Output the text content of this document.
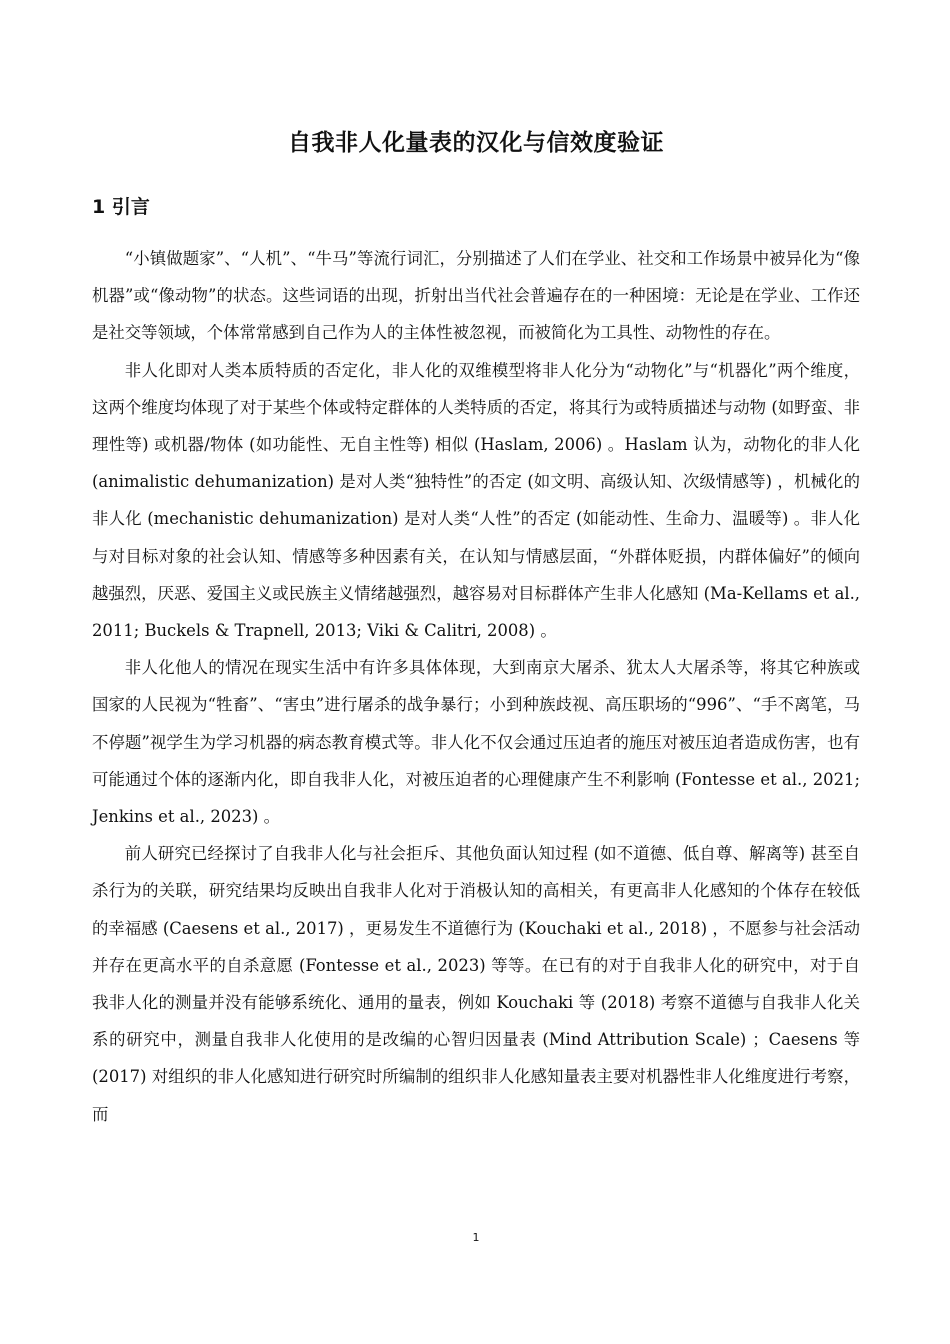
自我非人化量表的汉化与信效度验证
1 引言

“小镇做题家”、“人机”、“牛马”等流行词汇，分别描述了人们在学业、社交和工作场景中被异化为“像机器”或“像动物”的状态。这些词语的出现，折射出当代社会普遍存在的一种困境：无论是在学业、工作还是社交等领域，个体常常感到自己作为人的主体性被忽视，而被简化为工具性、动物性的存在。

非人化即对人类本质特质的否定化，非人化的双维模型将非人化分为“动物化”与“机器化”两个维度，这两个维度均体现了对于某些个体或特定群体的人类特质的否定，将其行为或特质描述与动物 (如野蛮、非理性等) 或机器/物体 (如功能性、无自主性等) 相似 (Haslam, 2006) 。Haslam 认为，动物化的非人化 (animalistic dehumanization) 是对人类“独特性”的否定 (如文明、高级认知、次级情感等) ，机械化的非人化 (mechanistic dehumanization) 是对人类“人性”的否定 (如能动性、生命力、温暖等) 。非人化与对目标对象的社会认知、情感等多种因素有关，在认知与情感层面，“外群体贬损，内群体偏好”的倾向越强烈，厌恶、爱国主义或民族主义情绪越强烈，越容易对目标群体产生非人化感知 (Ma-Kellams et al., 2011; Buckels & Trapnell, 2013; Viki & Calitri, 2008) 。

非人化他人的情况在现实生活中有许多具体体现，大到南京大屠杀、犹太人大屠杀等，将其它种族或国家的人民视为“牲畜”、“害虫”进行屠杀的战争暴行；小到种族歧视、高压职场的“996”、“手不离笔，马不停题”视学生为学习机器的病态教育模式等。非人化不仅会通过压迫者的施压对被压迫者造成伤害，也有可能通过个体的逐渐内化，即自我非人化，对被压迫者的心理健康产生不利影响 (Fontesse et al., 2021; Jenkins et al., 2023) 。

前人研究已经探讨了自我非人化与社会拒斥、其他负面认知过程 (如不道德、低自尊、解离等) 甚至自杀行为的关联，研究结果均反映出自我非人化对于消极认知的高相关，有更高非人化感知的个体存在较低的幸福感 (Caesens et al., 2017) ，更易发生不道德行为 (Kouchaki et al., 2018) ，不愿参与社会活动并存在更高水平的自杀意愿 (Fontesse et al., 2023) 等等。在已有的对于自我非人化的研究中，对于自我非人化的测量并没有能够系统化、通用的量表，例如 Kouchaki 等 (2018) 考察不道德与自我非人化关系的研究中，测量自我非人化使用的是改编的心智归因量表 (Mind Attribution Scale) ；Caesens 等 (2017) 对组织的非人化感知进行研究时所编制的组织非人化感知量表主要对机器性非人化维度进行考察，而

1
